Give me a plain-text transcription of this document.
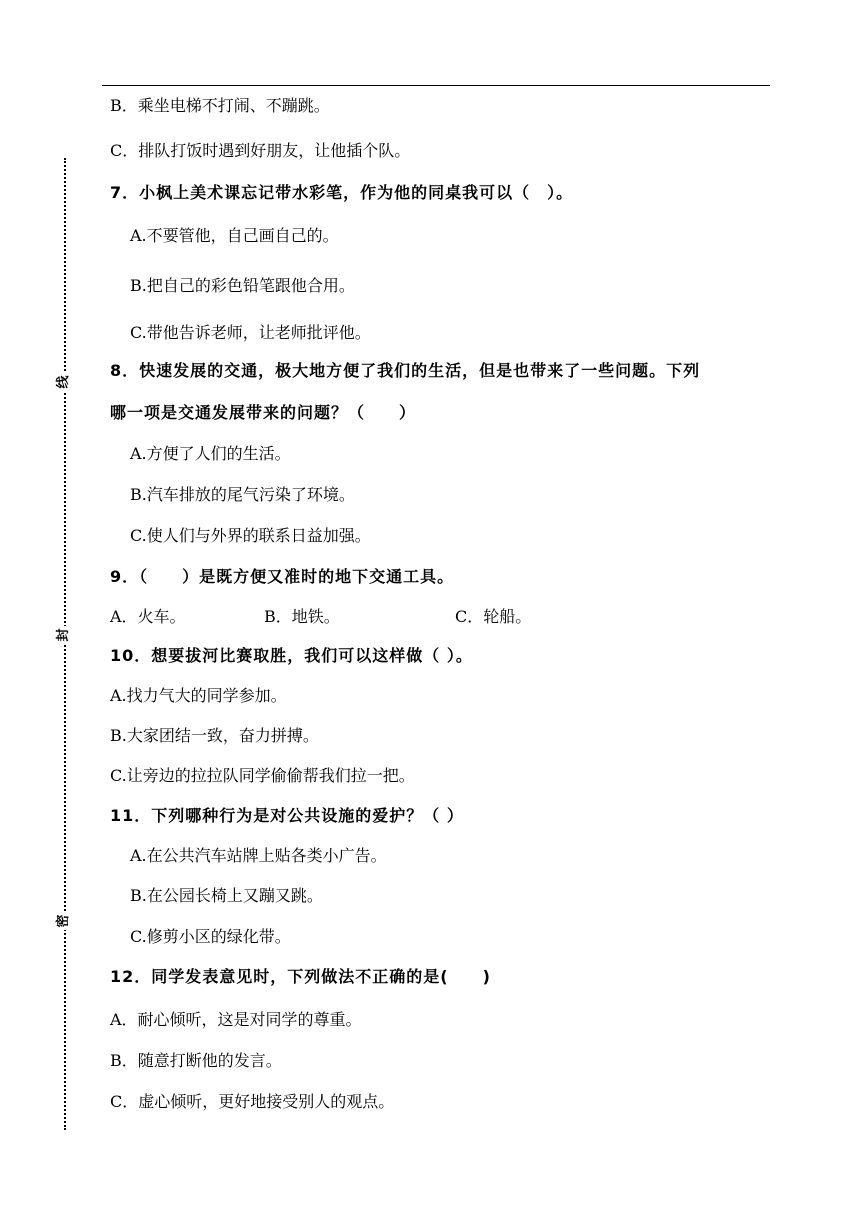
线
封
密
B．乘坐电梯不打闹、不蹦跳。
C．排队打饭时遇到好朋友，让他插个队。
7．小枫上美术课忘记带水彩笔，作为他的同桌我可以（　）。
A.不要管他，自己画自己的。
B.把自己的彩色铅笔跟他合用。
C.带他告诉老师，让老师批评他。
8．快速发展的交通，极大地方便了我们的生活，但是也带来了一些问题。下列
哪一项是交通发展带来的问题？（　　）
A.方便了人们的生活。
B.汽车排放的尾气污染了环境。
C.使人们与外界的联系日益加强。
9．（　　）是既方便又准时的地下交通工具。
A．火车。	B．地铁。	C．轮船。
10．想要拔河比赛取胜，我们可以这样做（ ）。
A.找力气大的同学参加。
B.大家团结一致，奋力拼搏。
C.让旁边的拉拉队同学偷偷帮我们拉一把。
11．下列哪种行为是对公共设施的爱护？（ ）
A.在公共汽车站牌上贴各类小广告。
B.在公园长椅上又蹦又跳。
C.修剪小区的绿化带。
12．同学发表意见时，下列做法不正确的是(　　)
A．耐心倾听，这是对同学的尊重。
B．随意打断他的发言。
C．虚心倾听，更好地接受别人的观点。
